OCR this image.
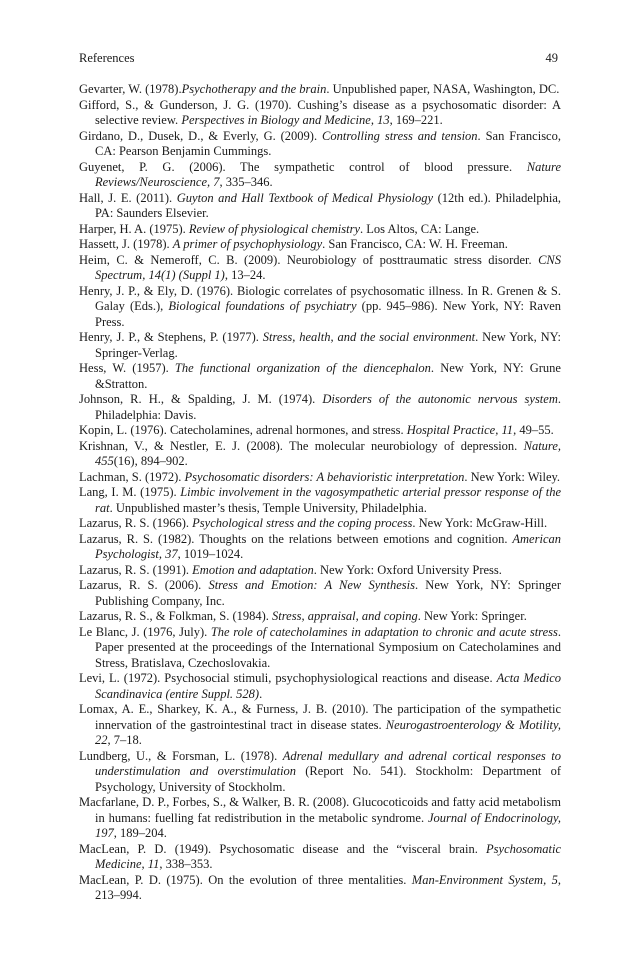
References	49

Gevarter, W. (1978).Psychotherapy and the brain. Unpublished paper, NASA, Washington, DC.

Gifford, S., & Gunderson, J. G. (1970). Cushing’s disease as a psychosomatic disorder: A selective review. Perspectives in Biology and Medicine, 13, 169–221.

Girdano, D., Dusek, D., & Everly, G. (2009). Controlling stress and tension. San Francisco, CA: Pearson Benjamin Cummings.

Guyenet, P. G. (2006). The sympathetic control of blood pressure. Nature Reviews/Neuroscience, 7, 335–346.

Hall, J. E. (2011). Guyton and Hall Textbook of Medical Physiology (12th ed.). Philadelphia, PA: Saunders Elsevier.

Harper, H. A. (1975). Review of physiological chemistry. Los Altos, CA: Lange.

Hassett, J. (1978). A primer of psychophysiology. San Francisco, CA: W. H. Freeman.

Heim, C. & Nemeroff, C. B. (2009). Neurobiology of posttraumatic stress disorder. CNS Spectrum, 14(1) (Suppl 1), 13–24.

Henry, J. P., & Ely, D. (1976). Biologic correlates of psychosomatic illness. In R. Grenen & S. Galay (Eds.), Biological foundations of psychiatry (pp. 945–986). New York, NY: Raven Press.

Henry, J. P., & Stephens, P. (1977). Stress, health, and the social environment. New York, NY: Springer-Verlag.

Hess, W. (1957). The functional organization of the diencephalon. New York, NY: Grune &Stratton.

Johnson, R. H., & Spalding, J. M. (1974). Disorders of the autonomic nervous system. Philadelphia: Davis.

Kopin, L. (1976). Catecholamines, adrenal hormones, and stress. Hospital Practice, 11, 49–55.

Krishnan, V., & Nestler, E. J. (2008). The molecular neurobiology of depression. Nature, 455(16), 894–902.

Lachman, S. (1972). Psychosomatic disorders: A behavioristic interpretation. New York: Wiley.

Lang, I. M. (1975). Limbic involvement in the vagosympathetic arterial pressor response of the rat. Unpublished master’s thesis, Temple University, Philadelphia.

Lazarus, R. S. (1966). Psychological stress and the coping process. New York: McGraw-Hill.

Lazarus, R. S. (1982). Thoughts on the relations between emotions and cognition. American Psychologist, 37, 1019–1024.

Lazarus, R. S. (1991). Emotion and adaptation. New York: Oxford University Press.

Lazarus, R. S. (2006). Stress and Emotion: A New Synthesis. New York, NY: Springer Publishing Company, Inc.

Lazarus, R. S., & Folkman, S. (1984). Stress, appraisal, and coping. New York: Springer.

Le Blanc, J. (1976, July). The role of catecholamines in adaptation to chronic and acute stress. Paper presented at the proceedings of the International Symposium on Catecholamines and Stress, Bratislava, Czechoslovakia.

Levi, L. (1972). Psychosocial stimuli, psychophysiological reactions and disease. Acta Medico Scandinavica (entire Suppl. 528).

Lomax, A. E., Sharkey, K. A., & Furness, J. B. (2010). The participation of the sympathetic innervation of the gastrointestinal tract in disease states. Neurogastroenterology & Motility, 22, 7–18.

Lundberg, U., & Forsman, L. (1978). Adrenal medullary and adrenal cortical responses to understimulation and overstimulation (Report No. 541). Stockholm: Department of Psychology, University of Stockholm.

Macfarlane, D. P., Forbes, S., & Walker, B. R. (2008). Glucocoticoids and fatty acid metabolism in humans: fuelling fat redistribution in the metabolic syndrome. Journal of Endocrinology, 197, 189–204.

MacLean, P. D. (1949). Psychosomatic disease and the “visceral brain. Psychosomatic Medicine, 11, 338–353.

MacLean, P. D. (1975). On the evolution of three mentalities. Man-Environment System, 5, 213–994.
